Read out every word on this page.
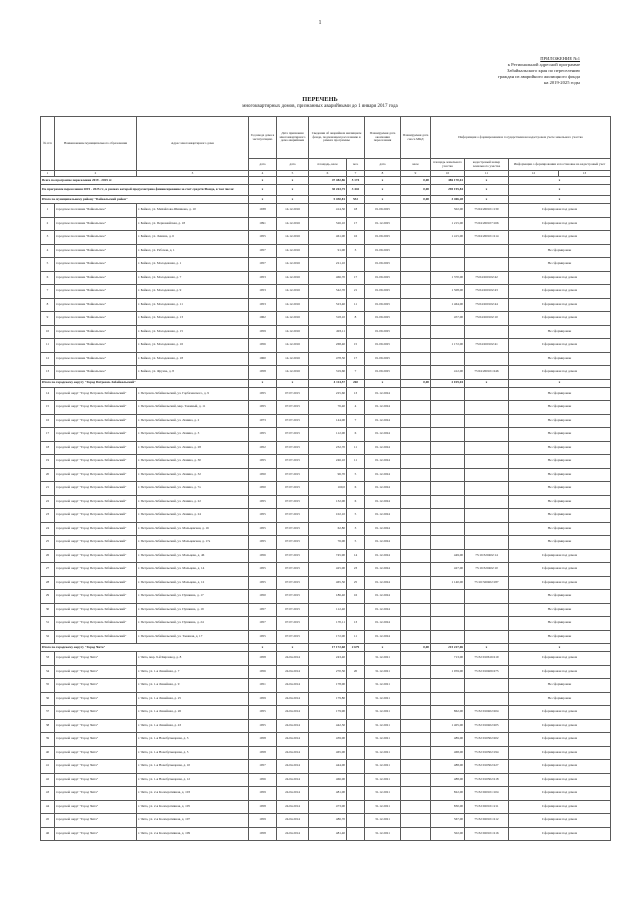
1
ПРИЛОЖЕНИЕ №1
к Региональной адресной программе
Забайкальского края по переселению
граждан из аварийного жилищного фонда
на 2019-2025 годы
ПЕРЕЧЕНЬ
многоквартирных домов, признанных аварийными до 1 января 2017 года
№ п/п	Наименование муниципального образования	Адрес многоквартирного дома	Год ввода дома в эксплуатацию	Дата признания многоквартирного дома аварийным	Сведения об аварийном жилищном фонде, подлежащем расселению в рамках программы		Планируемая дата окончания переселения	Планируемая дата сноса МКД	Информация о формировании и государственном кадастровом учете земельного участка			
			дата	дата	площадь, кв.м	чел.	дата	кв.м	площадь земельного участка	кадастровый номер земельного участка	Информация о формировании и постановке на кадастровый учет	
1	2	3	4	5	6	7	8	9	10	11	12	13
Всего по программе переселения 2019 - 2025 гг.			х	х	47 482,86	5 174	х	0,00	486 170,61	х	х	
По программе переселения 2019 - 2025 гг., в рамках которой предусмотрено финансирование за счет средств Фонда, в том числе:			х	х	30 263,75	3 442	х	0,00	290 195,84	х	х	
Итого по муниципальному району "Байкальский район"			х	х	5 450,81	552	х	0,00	3 406,28	х	х	
1	городское поселение "Байкальское"	г. Байкал, ул. Михайлова-Шишкова, д. 10	1938	14.12.2016	414,50	18	01.09.2025		502,00	75:04:260101:130	Сформирован под домом	
2	городское поселение "Байкальское"	г. Байкал, ул. Первомайская, д. 18	1991	14.12.2016	526,10	17	01.12.2025		1 215,00	75:04:260107:166	Сформирован под домом	
3	городское поселение "Байкальское"	г. Байкал, ул. Ленина, д. 6	1955	14.12.2016	461,00	16	01.09.2025		1 415,00	75:04:260101:214	Сформирован под домом	
4	городское поселение "Байкальское"	г. Байкал, ул. Рабочая, д. 1	1957	14.12.2016	91,00	3	01.09.2025				Не сформирован	
5	городское поселение "Байкальское"	г. Байкал, ул. Молодежная, д. 1	1957	14.12.2016	221,10		01.09.2025				Не сформирован	
6	городское поселение "Байкальское"	г. Байкал, ул. Молодежная, д. 7	1953	14.12.2016	466,70	17	01.09.2025		1 370,00	75:04:260102:42	Сформирован под домом	
7	городское поселение "Байкальское"	г. Байкал, ул. Молодежная, д. 9	1953	14.12.2016	542,70	21	01.09.2025		1 508,00	75:04:260102:43	Сформирован под домом	
8	городское поселение "Байкальское"	г. Байкал, ул. Молодежная, д. 11	1953	14.12.2016	523,40	11	01.09.2025		1 464,00	75:04:260102:44	Сформирован под домом	
9	городское поселение "Байкальское"	г. Байкал, ул. Молодежная, д. 13	1962	14.12.2016	318,10	8	01.09.2025		457,00	75:04:260102:10	Сформирован под домом	
10	городское поселение "Байкальское"	г. Байкал, ул. Молодежная, д. 15	1959	14.12.2016	493,11		01.09.2025				Не сформирован	
11	городское поселение "Байкальское"	г. Байкал, ул. Молодежная, д. 16	1956	14.12.2016	268,40	15	01.09.2025		1 172,00	75:04:260102:41	Сформирован под домом	
12	городское поселение "Байкальское"	г. Байкал, ул. Молодежная, д. 18	1960	14.12.2016	478,50	17	01.09.2025				Не сформирован	
13	городское поселение "Байкальское"	г. Байкал, ул. Фрунзе, д. 8	1958	14.12.2016	319,60	7	01.09.2025		412,00	75:04:260101:246	Сформирован под домом	
Итого по городскому округу "Город Петровск-Забайкальский"			х	х	4 114,57	260	х	0,00	2 019,04	х	х	
14	городской округ "Город Петровск-Забайкальский"	г. Петровск-Забайкальский, ул. Горбачевского, д. 9	1955	07.07.2015	225,60	13	01.12.2024				Не сформирован	
15	городской округ "Город Петровск-Забайкальский"	г. Петровск-Забайкальский, мкр. Таежный, д. 11	1955	07.07.2015	76,40	4	01.12.2024				Не сформирован	
16	городской округ "Город Петровск-Забайкальский"	г. Петровск-Забайкальский, ул. Ленина, д. 2	1973	07.07.2015	144,00	7	01.12.2024				Не сформирован	
17	городской округ "Город Петровск-Забайкальский"	г. Петровск-Забайкальский, ул. Ленина, д. 3	1955	07.07.2015	112,00	6	01.12.2024				Не сформирован	
18	городской округ "Город Петровск-Забайкальский"	г. Петровск-Забайкальский, ул. Ленина, д. 28	1952	07.07.2015	232,70	11	01.12.2024				Не сформирован	
19	городской округ "Город Петровск-Забайкальский"	г. Петровск-Забайкальский, ул. Ленина, д. 30	1955	07.07.2015	246,10	11	01.12.2024				Не сформирован	
20	городской округ "Город Петровск-Забайкальский"	г. Петровск-Забайкальский, ул. Ленина, д. 32	1950	07.07.2015	96,70	5	01.12.2024				Не сформирован	
21	городской округ "Город Петровск-Забайкальский"	г. Петровск-Забайкальский, ул. Ленина, д. 7а	1950	07.07.2015	160,0	6	01.12.2024				Не сформирован	
22	городской округ "Город Петровск-Забайкальский"	г. Петровск-Забайкальский, ул. Ленина, д. 22	1955	07.07.2015	132,00	6	01.12.2024				Не сформирован	
23	городской округ "Город Петровск-Забайкальский"	г. Петровск-Забайкальский, ул. Ленина, д. 24	1955	07.07.2015	102,10	5	01.12.2024				Не сформирован	
24	городской округ "Город Петровск-Забайкальский"	г. Петровск-Забайкальский, ул. Мальцевская, д. 16	1955	07.07.2015	62,80	3	01.12.2024				Не сформирован	
25	городской округ "Город Петровск-Забайкальский"	г. Петровск-Забайкальский, ул. Мальцевская, д. 17а	1955	07.07.2015	76,00	5	01.12.2024				Не сформирован	
26	городской округ "Город Петровск-Забайкальский"	г. Петровск-Забайкальский, ул. Мальцева, д. 46	1956	07.07.2015	745,90	14	01.12.2024		449,00	75:16:320402:14	Сформирован под домом	
27	городской округ "Город Петровск-Забайкальский"	г. Петровск-Забайкальский, ул. Мальцева, д. 14	1955	07.07.2015	425,00	23	01.12.2024		427,00	75:16:320402:10	Сформирован под домом	
28	городской округ "Город Петровск-Забайкальский"	г. Петровск-Забайкальский, ул. Мальцева, д. 12	1955	07.07.2015	465,50	25	01.12.2024		1 140,00	75:16:320402:187	Сформирован под домом	
29	городской округ "Город Петровск-Забайкальский"	г. Петровск-Забайкальский, ул. Пушкина, д. 17	1950	07.07.2015	186,40	16	01.12.2024				Не сформирован	
30	городской округ "Город Петровск-Забайкальский"	г. Петровск-Забайкальский, ул. Пушкина, д. 19	1957	07.07.2015	112,40		01.12.2024				Не сформирован	
31	городской округ "Город Петровск-Забайкальский"	г. Петровск-Забайкальский, ул. Пушкина, д. 24	1957	07.07.2015	170,11	13	01.12.2024				Не сформирован	
32	городской округ "Город Петровск-Забайкальский"	г. Петровск-Забайкальский, ул. Таежная, д. 17	1955	07.07.2015	172,00	11	01.12.2024				Не сформирован	
Итого по городскому округу "Город Чита"			х	х	17 172,68	2 679	х	0,00	215 227,06	х	х	
33	городской округ "Город Чита"	г. Чита, мкр. 9-й Кирзавод, д. 8	1958	24.04.2014	243,40		31.12.2021		713,00	75:32:010616:219	Сформирован под домом	
34	городской округ "Город Чита"	г. Чита, ул. 1-я Линейная, д. 7	1956	24.04.2014	270,50	20	31.12.2021		1 059,00	75:32:010406:275	Сформирован под домом	
35	городской округ "Город Чита"	г. Чита, ул. 1-я Линейная, д. 9	1951	24.04.2014	178,00		31.12.2021				Не сформирован	
36	городской округ "Город Чита"	г. Чита, ул. 1-я Линейная, д. 25	1959	24.04.2014	179,80		31.12.2021				Не сформирован	
37	городской округ "Город Чита"	г. Чита, ул. 1-я Линейная, д. 26	1955	24.04.2014	179,90		31.12.2021		862,00	75:32:010402:204	Сформирован под домом	
38	городской округ "Город Чита"	г. Чита, ул. 1-я Линейная, д. 43	1955	24.04.2014	442,50		31.12.2021		1 405,00	75:32:010402:205	Сформирован под домом	
39	городской округ "Город Чита"	г. Чита, ул. 1-я Новобульварная, д. 3	1958	24.04.2014	439,00		31.12.2021		489,00	75:32:010302:202	Сформирован под домом	
40	городской округ "Город Чита"	г. Чита, ул. 1-я Новобульварная, д. 5	1958	24.04.2014	465,00		31.12.2021		468,00	75:32:010302:194	Сформирован под домом	
41	городской округ "Город Чита"	г. Чита, ул. 1-я Новобульварная, д. 10	1957	24.04.2014	444,00		31.12.2021		488,00	75:32:010302:227	Сформирован под домом	
42	городской округ "Город Чита"	г. Чита, ул. 1-я Новобульварная, д. 12	1956	24.04.2014	466,00		31.12.2021		488,00	75:32:010302:218	Сформирован под домом	
43	городской округ "Город Чита"	г. Чита, ул. 2-я Кооперативная, д. 103	1959	24.04.2014	481,00		31.12.2021		822,00	75:32:020101:104	Сформирован под домом	
44	городской округ "Город Чита"	г. Чита, ул. 2-я Кооперативная, д. 105	1958	24.04.2014	473,00		31.12.2021		830,00	75:32:020101:211	Сформирован под домом	
45	городской округ "Город Чита"	г. Чита, ул. 2-я Кооперативная, д. 107	1959	24.04.2014	486,70		31.12.2021		567,00	75:32:020101:212	Сформирован под домом	
46	городской округ "Город Чита"	г. Чита, ул. 2-я Кооперативная, д. 109	1958	24.04.2014	481,40		31.12.2021		502,00	75:32:020101:216	Сформирован под домом	
